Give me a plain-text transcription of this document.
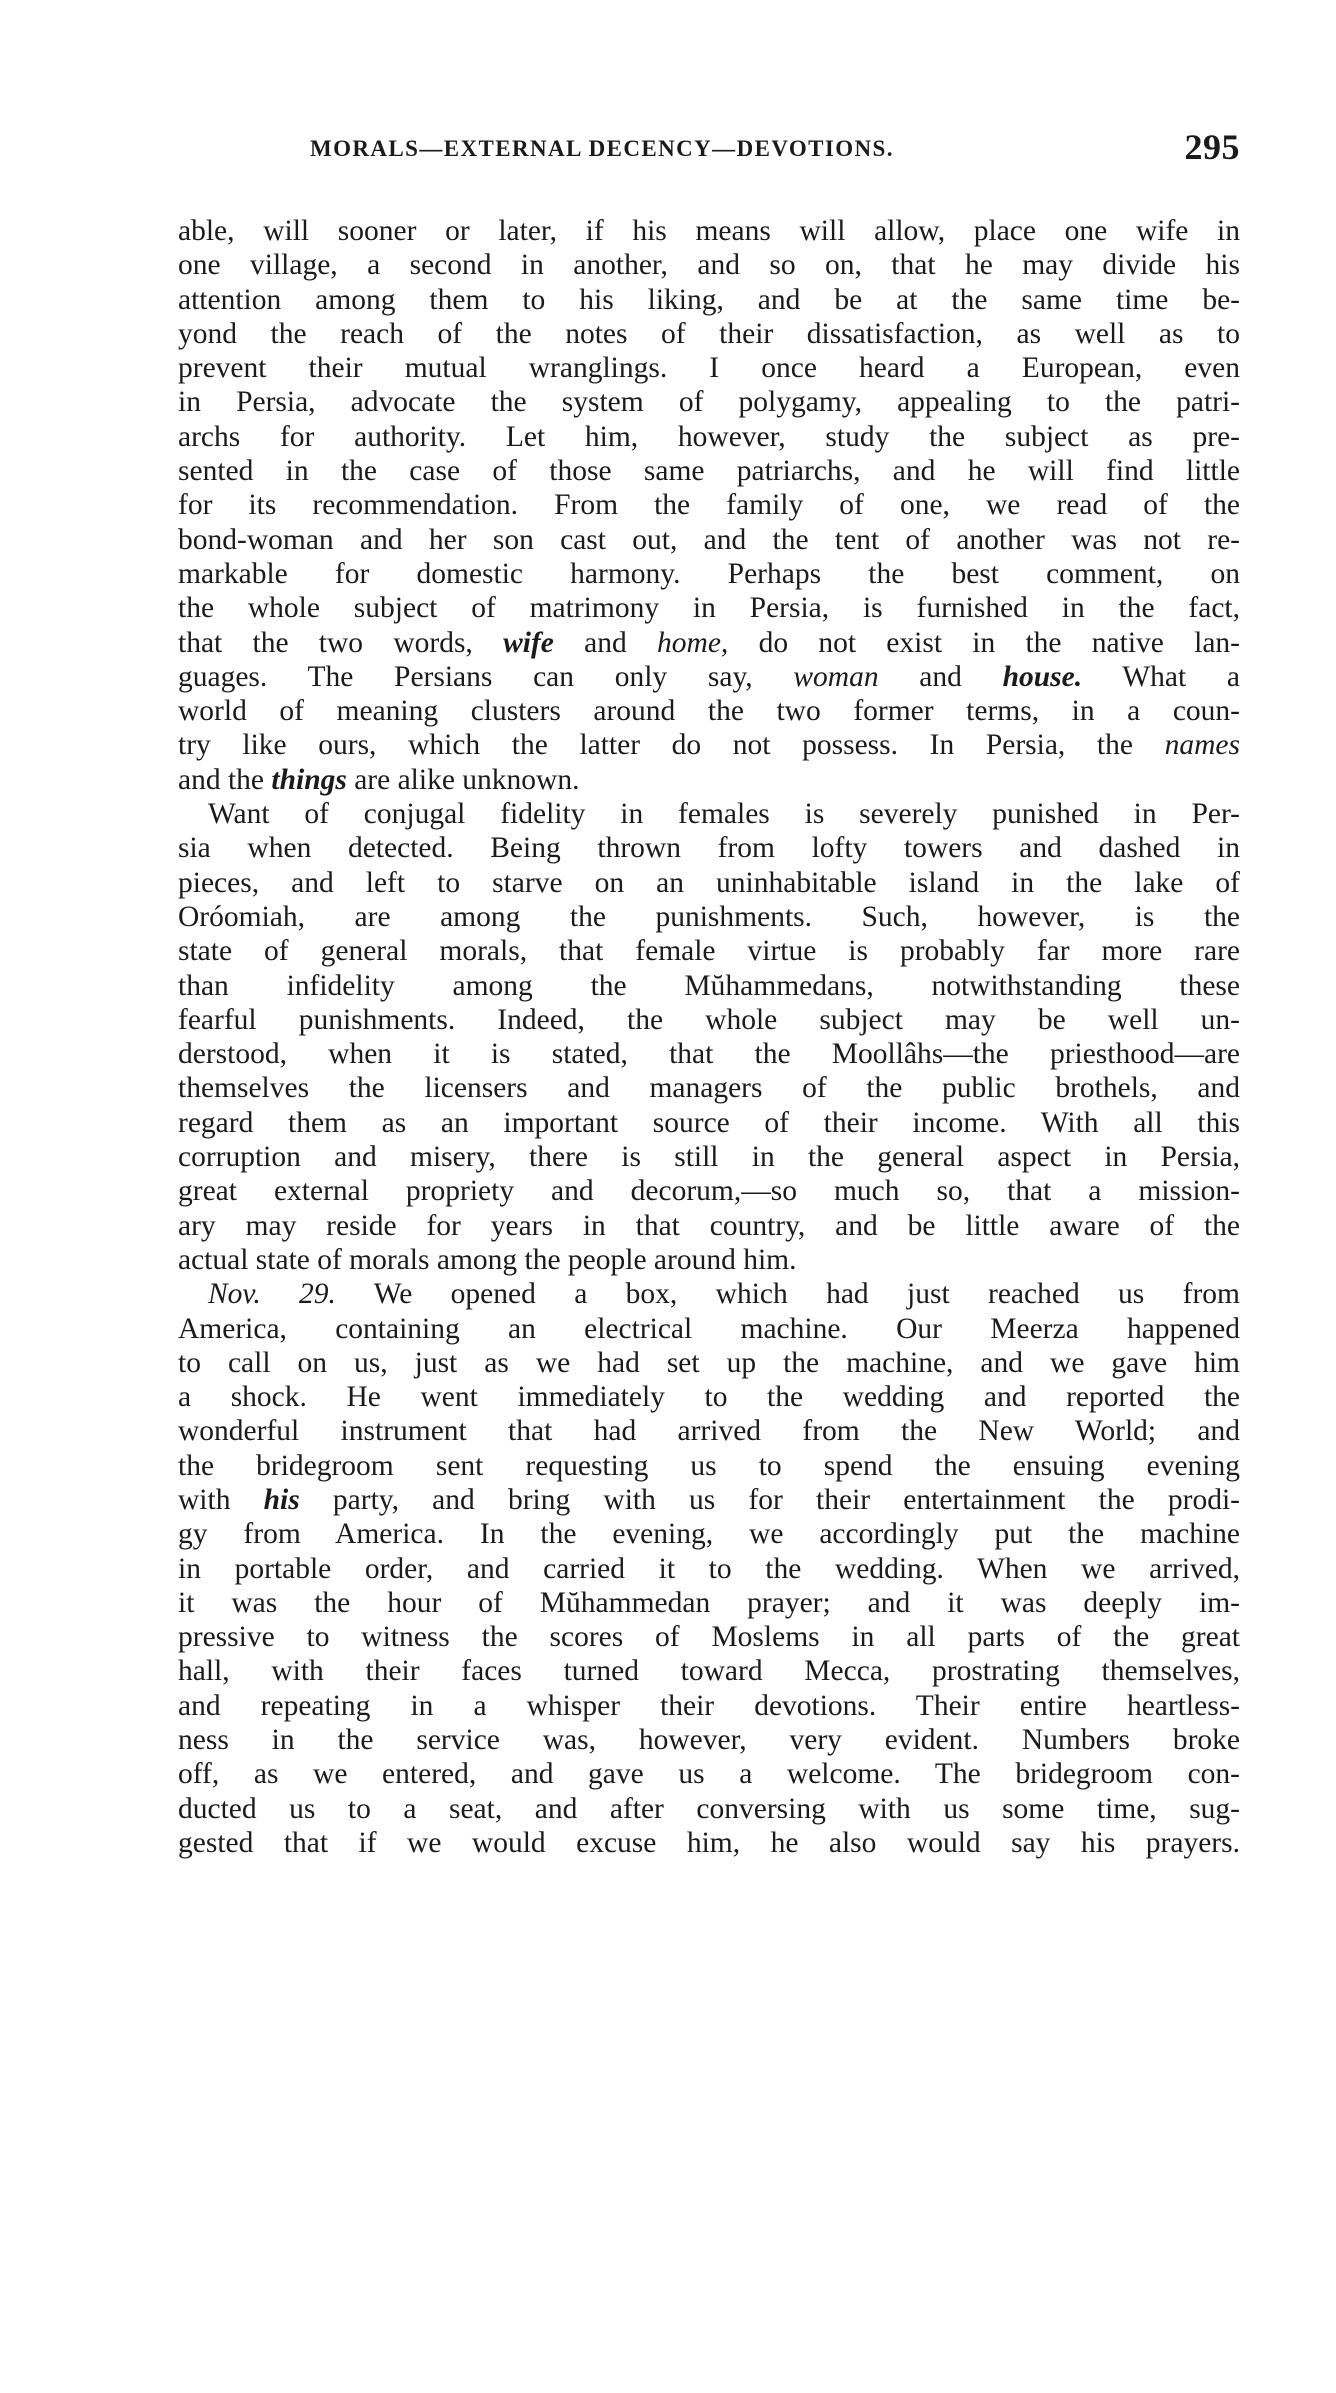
MORALS—EXTERNAL DECENCY—DEVOTIONS.	295
able, will sooner or later, if his means will allow, place one wife in
one village, a second in another, and so on, that he may divide his
attention among them to his liking, and be at the same time be-
yond the reach of the notes of their dissatisfaction, as well as to
prevent their mutual wranglings. I once heard a European, even
in Persia, advocate the system of polygamy, appealing to the patri-
archs for authority. Let him, however, study the subject as pre-
sented in the case of those same patriarchs, and he will find little
for its recommendation. From the family of one, we read of the
bond-woman and her son cast out, and the tent of another was not re-
markable for domestic harmony. Perhaps the best comment, on
the whole subject of matrimony in Persia, is furnished in the fact,
that the two words, wife and home, do not exist in the native lan-
guages. The Persians can only say, woman and house. What a
world of meaning clusters around the two former terms, in a coun-
try like ours, which the latter do not possess. In Persia, the names
and the things are alike unknown.
Want of conjugal fidelity in females is severely punished in Per-
sia when detected. Being thrown from lofty towers and dashed in
pieces, and left to starve on an uninhabitable island in the lake of
Oróomiah, are among the punishments. Such, however, is the
state of general morals, that female virtue is probably far more rare
than infidelity among the Mŭhammedans, notwithstanding these
fearful punishments. Indeed, the whole subject may be well un-
derstood, when it is stated, that the Moollâhs—the priesthood—are
themselves the licensers and managers of the public brothels, and
regard them as an important source of their income. With all this
corruption and misery, there is still in the general aspect in Persia,
great external propriety and decorum,—so much so, that a mission-
ary may reside for years in that country, and be little aware of the
actual state of morals among the people around him.
Nov. 29. We opened a box, which had just reached us from
America, containing an electrical machine. Our Meerza happened
to call on us, just as we had set up the machine, and we gave him
a shock. He went immediately to the wedding and reported the
wonderful instrument that had arrived from the New World; and
the bridegroom sent requesting us to spend the ensuing evening
with his party, and bring with us for their entertainment the prodi-
gy from America. In the evening, we accordingly put the machine
in portable order, and carried it to the wedding. When we arrived,
it was the hour of Mŭhammedan prayer; and it was deeply im-
pressive to witness the scores of Moslems in all parts of the great
hall, with their faces turned toward Mecca, prostrating themselves,
and repeating in a whisper their devotions. Their entire heartless-
ness in the service was, however, very evident. Numbers broke
off, as we entered, and gave us a welcome. The bridegroom con-
ducted us to a seat, and after conversing with us some time, sug-
gested that if we would excuse him, he also would say his prayers.
